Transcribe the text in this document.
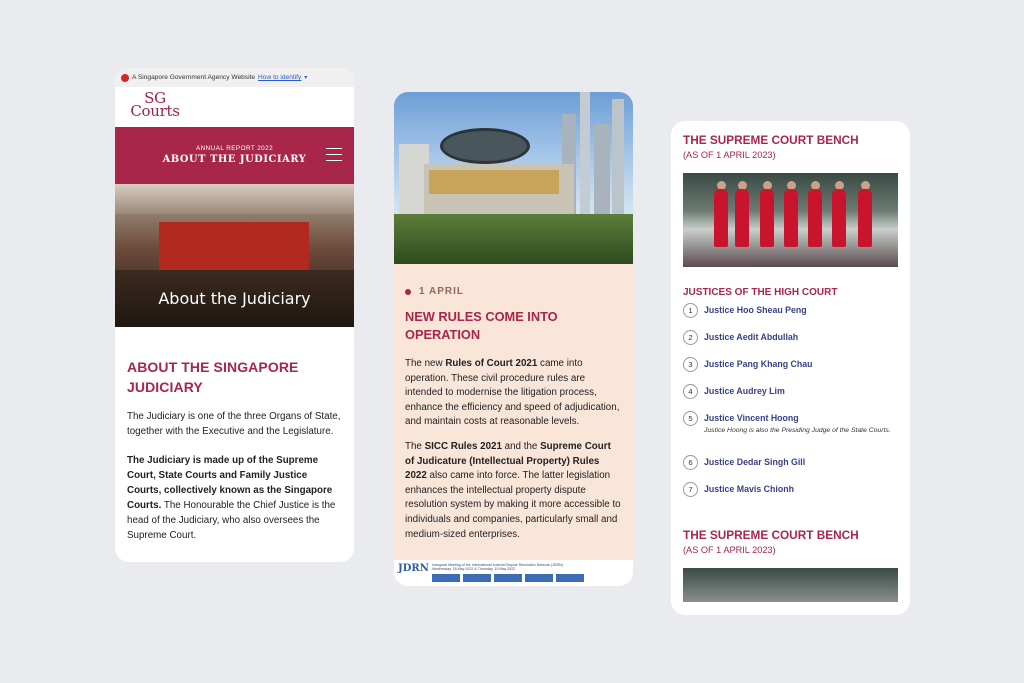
A Singapore Government Agency Website How to identify ▾
SG
Courts
ANNUAL REPORT 2022
ABOUT THE JUDICIARY
About the Judiciary
ABOUT THE SINGAPORE JUDICIARY

The Judiciary is one of the three Organs of State, together with the Executive and the Legislature.

The Judiciary is made up of the Supreme Court, State Courts and Family Justice Courts, collectively known as the Singapore Courts. The Honourable the Chief Justice is the head of the Judiciary, who also oversees the Supreme Court.

1 APRIL
NEW RULES COME INTO OPERATION

The new Rules of Court 2021 came into operation. These civil procedure rules are intended to modernise the litigation process, enhance the efficiency and speed of adjudication, and maintain costs at reasonable levels.

The SICC Rules 2021 and the Supreme Court of Judicature (Intellectual Property) Rules 2022 also came into force. The latter legislation enhances the intellectual property dispute resolution system by making it more accessible to individuals and companies, particularly small and medium-sized enterprises.

JDRN Inaugural Meeting of the International Judicial Dispute Resolution Network (JDRN)
Wednesday, 18 May 2022 & Thursday, 19 May 2022
THE SUPREME COURT BENCH
(AS OF 1 APRIL 2023)
JUSTICES OF THE HIGH COURT
1	Justice Hoo Sheau Peng
2	Justice Aedit Abdullah
3	Justice Pang Khang Chau
4	Justice Audrey Lim
5	Justice Vincent Hoong
Justice Hoong is also the Presiding Judge of the State Courts.
6	Justice Dedar Singh Gill
7	Justice Mavis Chionh
THE SUPREME COURT BENCH
(AS OF 1 APRIL 2023)
